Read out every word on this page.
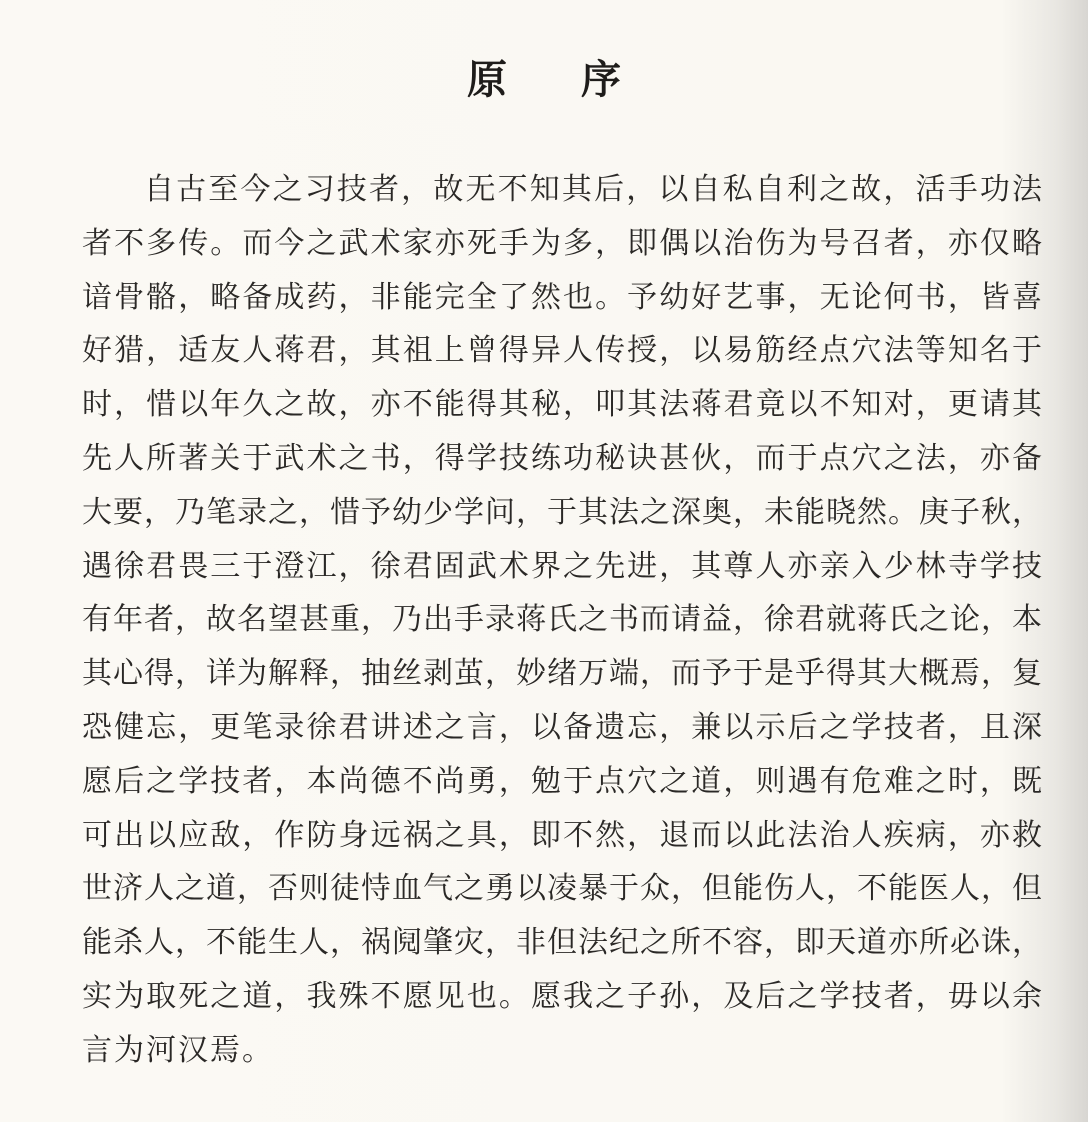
原 序
自古至今之习技者，故无不知其后，以自私自利之故，活手功法
者不多传。而今之武术家亦死手为多，即偶以治伤为号召者，亦仅略
谙骨骼，略备成药，非能完全了然也。予幼好艺事，无论何书，皆喜
好猎，适友人蒋君，其祖上曾得异人传授，以易筋经点穴法等知名于
时，惜以年久之故，亦不能得其秘，叩其法蒋君竟以不知对，更请其
先人所著关于武术之书，得学技练功秘诀甚伙，而于点穴之法，亦备
大要，乃笔录之，惜予幼少学问，于其法之深奥，未能晓然。庚子秋，
遇徐君畏三于澄江，徐君固武术界之先进，其尊人亦亲入少林寺学技
有年者，故名望甚重，乃出手录蒋氏之书而请益，徐君就蒋氏之论，本
其心得，详为解释，抽丝剥茧，妙绪万端，而予于是乎得其大概焉，复
恐健忘，更笔录徐君讲述之言，以备遗忘，兼以示后之学技者，且深
愿后之学技者，本尚德不尚勇，勉于点穴之道，则遇有危难之时，既
可出以应敌，作防身远祸之具，即不然，退而以此法治人疾病，亦救
世济人之道，否则徒恃血气之勇以凌暴于众，但能伤人，不能医人，但
能杀人，不能生人，祸阋肇灾，非但法纪之所不容，即天道亦所必诛，
实为取死之道，我殊不愿见也。愿我之子孙，及后之学技者，毋以余
言为河汉焉。
